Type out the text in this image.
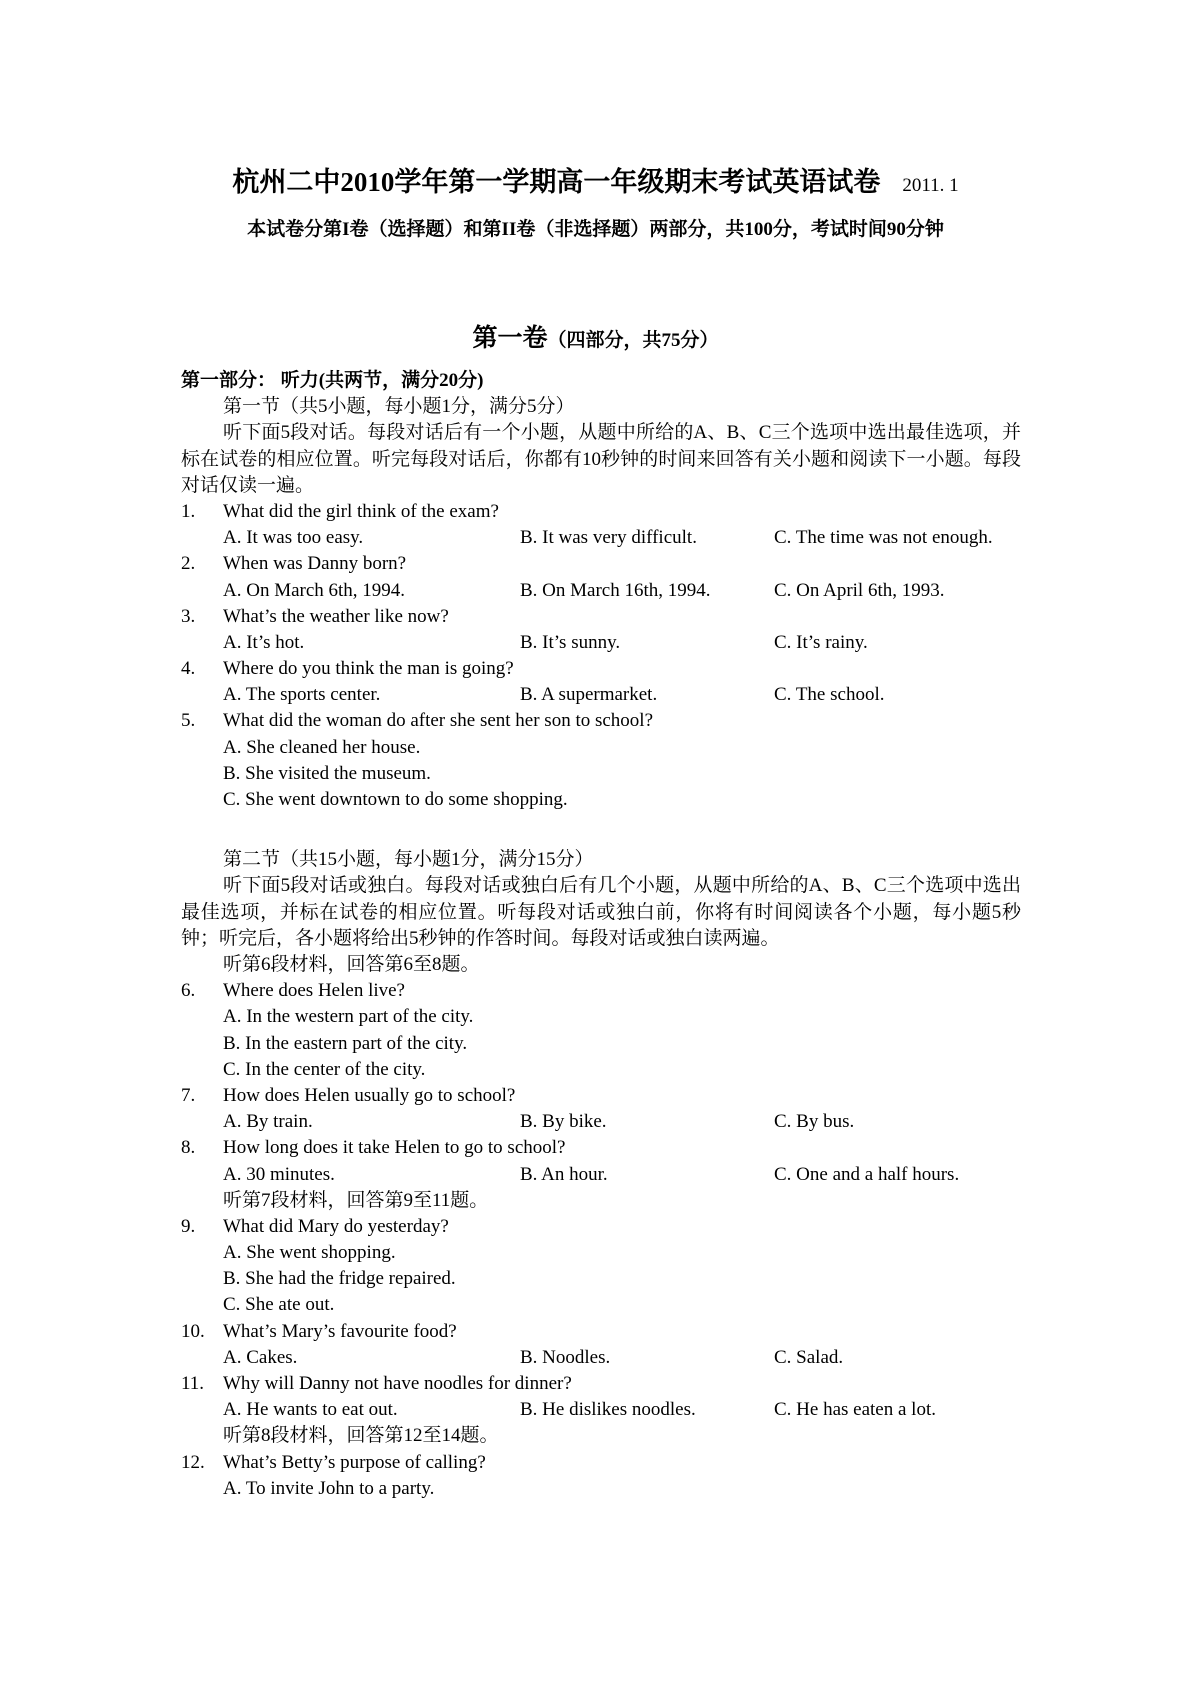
杭州二中2010学年第一学期高一年级期末考试英语试卷 2011. 1
本试卷分第I卷（选择题）和第II卷（非选择题）两部分，共100分，考试时间90分钟
第一卷（四部分，共75分）
第一部分： 听力(共两节，满分20分)
第一节（共5小题，每小题1分，满分5分）
听下面5段对话。每段对话后有一个小题，从题中所给的A、B、C三个选项中选出最佳选项，并标在试卷的相应位置。听完每段对话后，你都有10秒钟的时间来回答有关小题和阅读下一小题。每段对话仅读一遍。
1.	What did the girl think of the exam?
A. It was too easy.	B. It was very difficult.	C. The time was not enough.
2.	When was Danny born?
A. On March 6th, 1994.	B. On March 16th, 1994.	C. On April 6th, 1993.
3.	What’s the weather like now?
A. It’s hot.	B. It’s sunny.	C. It’s rainy.
4.	Where do you think the man is going?
A. The sports center.	B. A supermarket.	C. The school.
5.	What did the woman do after she sent her son to school?
A. She cleaned her house.
B. She visited the museum.
C. She went downtown to do some shopping.
第二节（共15小题，每小题1分，满分15分）
听下面5段对话或独白。每段对话或独白后有几个小题，从题中所给的A、B、C三个选项中选出最佳选项，并标在试卷的相应位置。听每段对话或独白前，你将有时间阅读各个小题，每小题5秒钟；听完后，各小题将给出5秒钟的作答时间。每段对话或独白读两遍。
听第6段材料，回答第6至8题。
6.	Where does Helen live?
A. In the western part of the city.
B. In the eastern part of the city.
C. In the center of the city.
7.	How does Helen usually go to school?
A. By train.	B. By bike.	C. By bus.
8.	How long does it take Helen to go to school?
A. 30 minutes.	B. An hour.	C. One and a half hours.
听第7段材料，回答第9至11题。
9.	What did Mary do yesterday?
A. She went shopping.
B. She had the fridge repaired.
C. She ate out.
10. What’s Mary’s favourite food?
A. Cakes.	B. Noodles.	C. Salad.
11. Why will Danny not have noodles for dinner?
A. He wants to eat out.	B. He dislikes noodles.	C. He has eaten a lot.
听第8段材料，回答第12至14题。
12. What’s Betty’s purpose of calling?
A. To invite John to a party.
